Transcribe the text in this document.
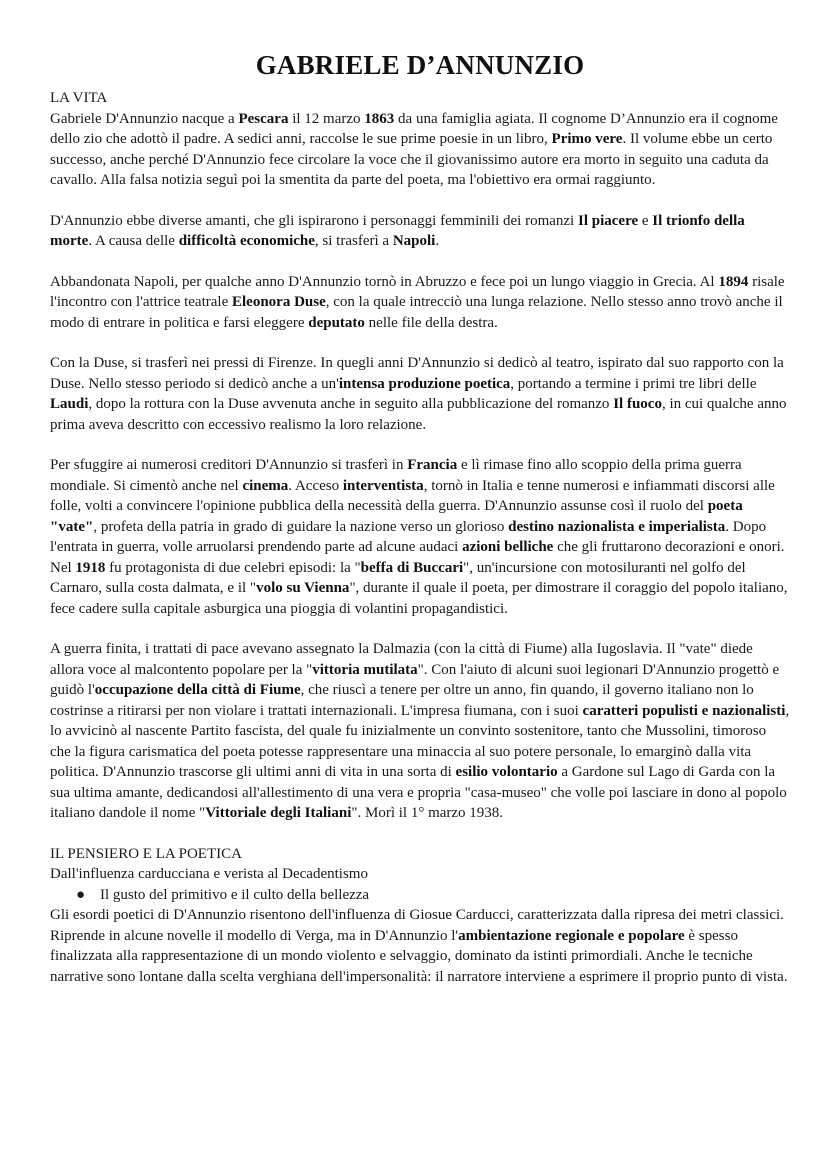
GABRIELE D’ANNUNZIO
LA VITA

Gabriele D'Annunzio nacque a Pescara il 12 marzo 1863 da una famiglia agiata. Il cognome D’Annunzio era il cognome dello zio che adottò il padre. A sedici anni, raccolse le sue prime poesie in un libro, Primo vere. Il volume ebbe un certo successo, anche perché D'Annunzio fece circolare la voce che il giovanissimo autore era morto in seguito una caduta da cavallo. Alla falsa notizia seguì poi la smentita da parte del poeta, ma l'obiettivo era ormai raggiunto.

D'Annunzio ebbe diverse amanti, che gli ispirarono i personaggi femminili dei romanzi Il piacere e Il trionfo della morte. A causa delle difficoltà economiche, si trasferì a Napoli.

Abbandonata Napoli, per qualche anno D'Annunzio tornò in Abruzzo e fece poi un lungo viaggio in Grecia. Al 1894 risale l'incontro con l'attrice teatrale Eleonora Duse, con la quale intrecciò una lunga relazione. Nello stesso anno trovò anche il modo di entrare in politica e farsi eleggere deputato nelle file della destra.

Con la Duse, si trasferì nei pressi di Firenze. In quegli anni D'Annunzio si dedicò al teatro, ispirato dal suo rapporto con la Duse. Nello stesso periodo si dedicò anche a un'intensa produzione poetica, portando a termine i primi tre libri delle Laudi, dopo la rottura con la Duse avvenuta anche in seguito alla pubblicazione del romanzo Il fuoco, in cui qualche anno prima aveva descritto con eccessivo realismo la loro relazione.

Per sfuggire ai numerosi creditori D'Annunzio si trasferì in Francia e lì rimase fino allo scoppio della prima guerra mondiale. Si cimentò anche nel cinema. Acceso interventista, tornò in Italia e tenne numerosi e infiammati discorsi alle folle, volti a convincere l'opinione pubblica della necessità della guerra. D'Annunzio assunse così il ruolo del poeta "vate", profeta della patria in grado di guidare la nazione verso un glorioso destino nazionalista e imperialista. Dopo l'entrata in guerra, volle arruolarsi prendendo parte ad alcune audaci azioni belliche che gli fruttarono decorazioni e onori. Nel 1918 fu protagonista di due celebri episodi: la "beffa di Buccari", un'incursione con motosiluranti nel golfo del Carnaro, sulla costa dalmata, e il "volo su Vienna", durante il quale il poeta, per dimostrare il coraggio del popolo italiano, fece cadere sulla capitale asburgica una pioggia di volantini propagandistici.

A guerra finita, i trattati di pace avevano assegnato la Dalmazia (con la città di Fiume) alla Iugoslavia. Il "vate" diede allora voce al malcontento popolare per la "vittoria mutilata". Con l'aiuto di alcuni suoi legionari D'Annunzio progettò e guidò l'occupazione della città di Fiume, che riuscì a tenere per oltre un anno, fin quando, il governo italiano non lo costrinse a ritirarsi per non violare i trattati internazionali. L'impresa fiumana, con i suoi caratteri populisti e nazionalisti, lo avvicinò al nascente Partito fascista, del quale fu inizialmente un convinto sostenitore, tanto che Mussolini, timoroso che la figura carismatica del poeta potesse rappresentare una minaccia al suo potere personale, lo emarginò dalla vita politica. D'Annunzio trascorse gli ultimi anni di vita in una sorta di esilio volontario a Gardone sul Lago di Garda con la sua ultima amante, dedicandosi all'allestimento di una vera e propria "casa-museo" che volle poi lasciare in dono al popolo italiano dandole il nome "Vittoriale degli Italiani". Morì il 1° marzo 1938.

IL PENSIERO E LA POETICA
Dall'influenza carducciana e verista al Decadentismo
● Il gusto del primitivo e il culto della bellezza

Gli esordi poetici di D'Annunzio risentono dell'influenza di Giosue Carducci, caratterizzata dalla ripresa dei metri classici. Riprende in alcune novelle il modello di Verga, ma in D'Annunzio l'ambientazione regionale e popolare è spesso finalizzata alla rappresentazione di un mondo violento e selvaggio, dominato da istinti primordiali. Anche le tecniche narrative sono lontane dalla scelta verghiana dell'impersonalità: il narratore interviene a esprimere il proprio punto di vista.
